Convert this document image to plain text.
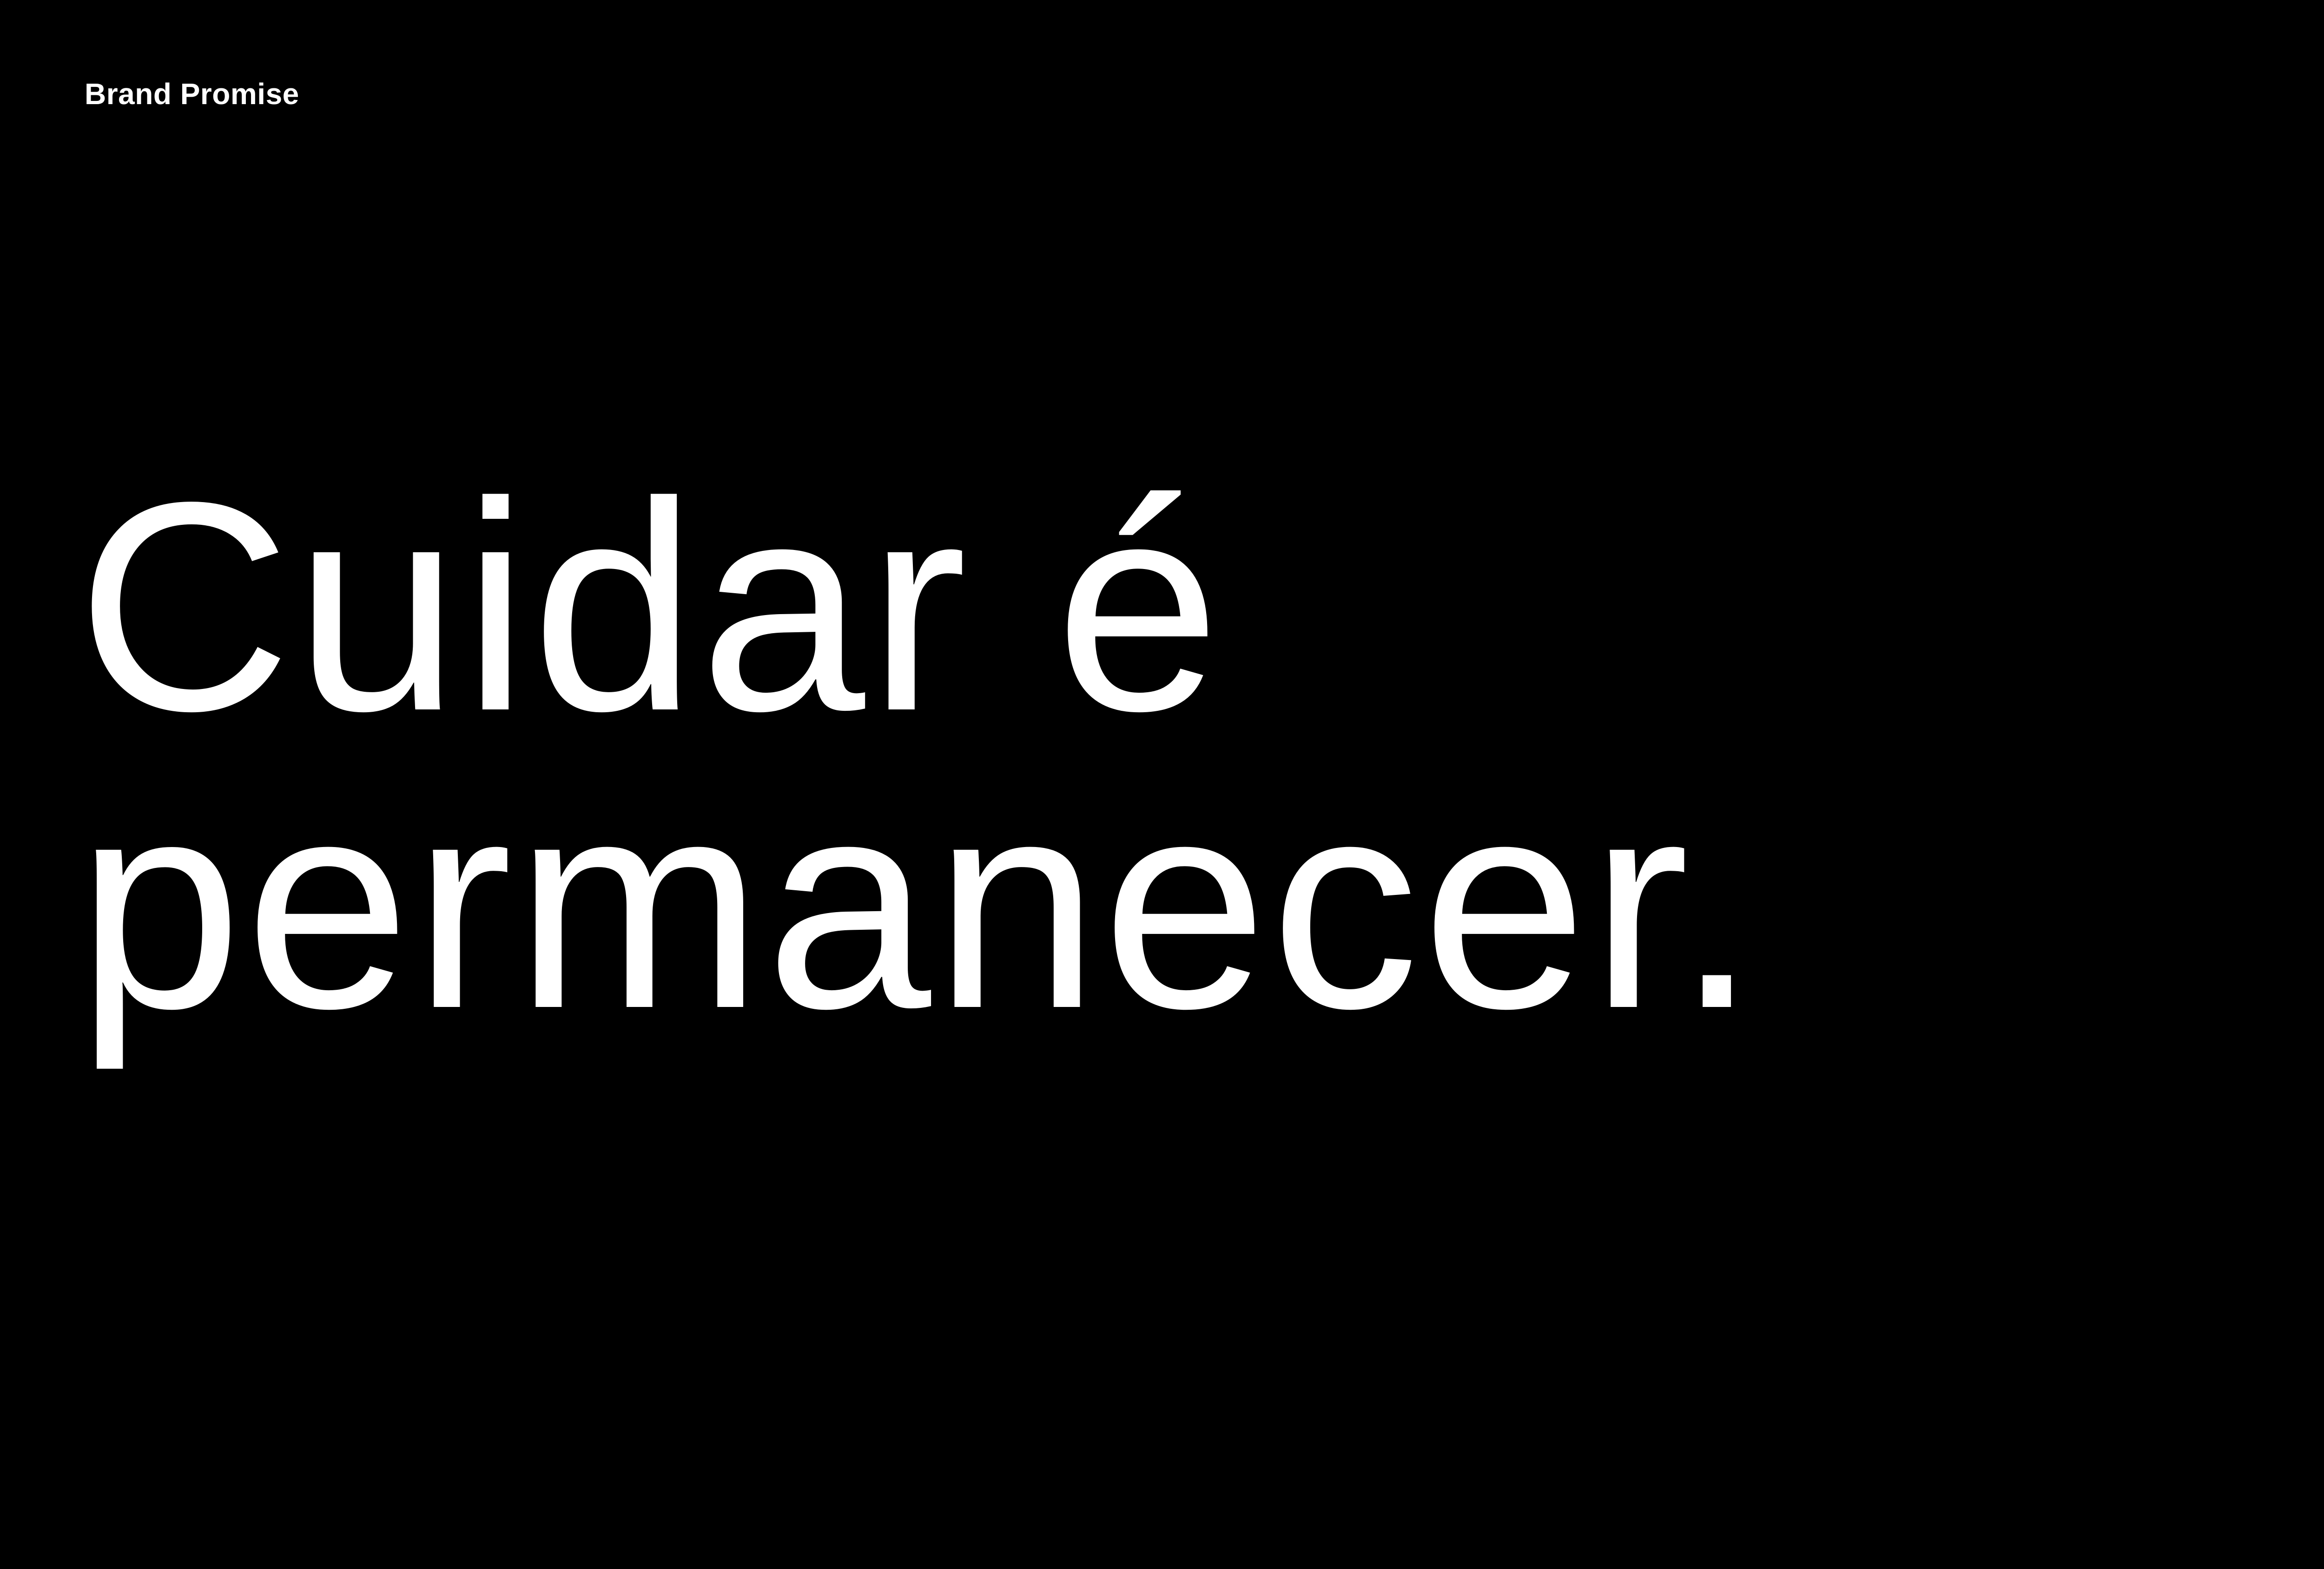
Brand Promise
Cuidar é
permanecer.
